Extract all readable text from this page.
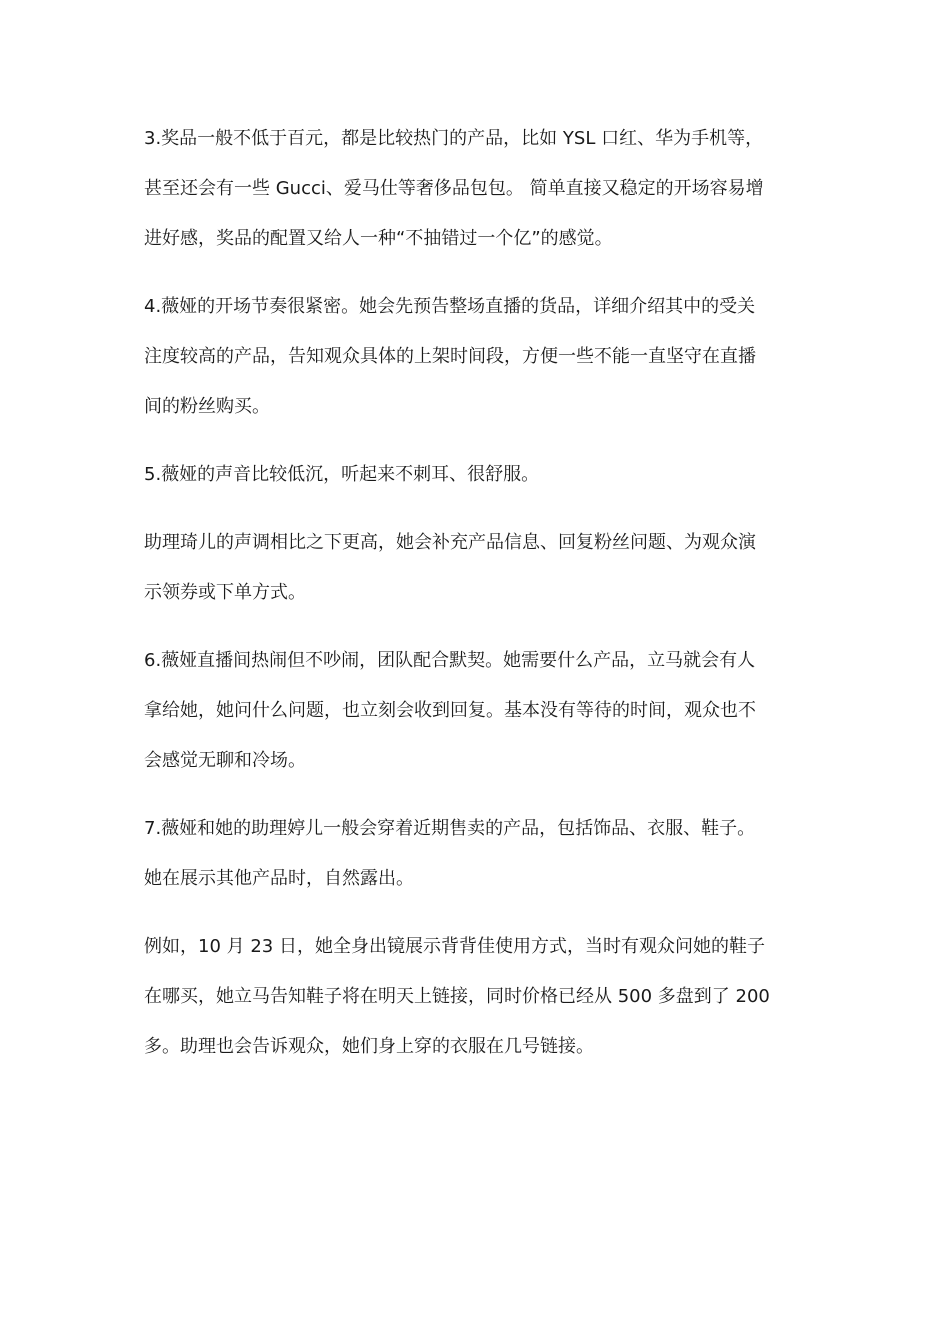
3.奖品一般不低于百元，都是比较热门的产品，比如 YSL 口红、华为手机等，
甚至还会有一些 Gucci、爱马仕等奢侈品包包。 简单直接又稳定的开场容易增
进好感，奖品的配置又给人一种“不抽错过一个亿”的感觉。

4.薇娅的开场节奏很紧密。她会先预告整场直播的货品，详细介绍其中的受关
注度较高的产品，告知观众具体的上架时间段，方便一些不能一直坚守在直播
间的粉丝购买。

5.薇娅的声音比较低沉，听起来不刺耳、很舒服。

助理琦儿的声调相比之下更高，她会补充产品信息、回复粉丝问题、为观众演
示领券或下单方式。

6.薇娅直播间热闹但不吵闹，团队配合默契。她需要什么产品，立马就会有人
拿给她，她问什么问题，也立刻会收到回复。基本没有等待的时间，观众也不
会感觉无聊和冷场。

7.薇娅和她的助理婷儿一般会穿着近期售卖的产品，包括饰品、衣服、鞋子。
她在展示其他产品时，自然露出。

例如，10 月 23 日，她全身出镜展示背背佳使用方式，当时有观众问她的鞋子
在哪买，她立马告知鞋子将在明天上链接，同时价格已经从 500 多盘到了 200
多。助理也会告诉观众，她们身上穿的衣服在几号链接。
